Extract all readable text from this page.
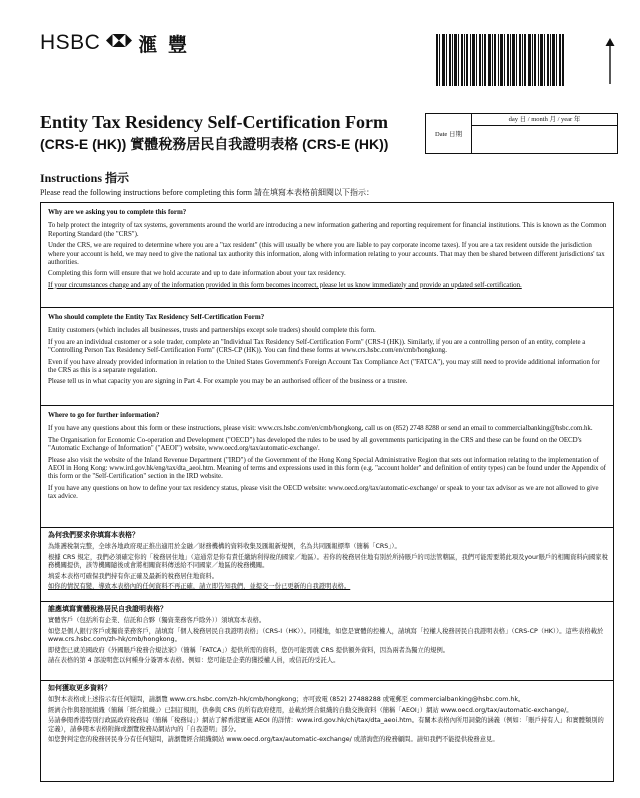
HSBC 滙 豐
Entity Tax Residency Self-Certification Form
(CRS-E (HK)) 實體稅務居民自我證明表格 (CRS-E (HK))
Date 日期
day 日 / month 月 / year 年
Instructions 指示
Please read the following instructions before completing this form 請在填寫本表格前細閱以下指示：
Why are we asking you to complete this form?
To help protect the integrity of tax systems, governments around the world are introducing a new information gathering and reporting requirement for financial institutions. This is known as the Common Reporting Standard (the "CRS").
Under the CRS, we are required to determine where you are a "tax resident" (this will usually be where you are liable to pay corporate income taxes). If you are a tax resident outside the jurisdiction where your account is held, we may need to give the national tax authority this information, along with information relating to your accounts. That may then be shared between different jurisdictions' tax authorities.
Completing this form will ensure that we hold accurate and up to date information about your tax residency.
If your circumstances change and any of the information provided in this form becomes incorrect, please let us know immediately and provide an updated self-certification.
Who should complete the Entity Tax Residency Self-Certification Form?
Entity customers (which includes all businesses, trusts and partnerships except sole traders) should complete this form.
If you are an individual customer or a sole trader, complete an "Individual Tax Residency Self-Certification Form" (CRS-I (HK)). Similarly, if you are a controlling person of an entity, complete a "Controlling Person Tax Residency Self-Certification Form" (CRS-CP (HK)). You can find these forms at www.crs.hsbc.com/en/cmb/hongkong.
Even if you have already provided information in relation to the United States Government's Foreign Account Tax Compliance Act ("FATCA"), you may still need to provide additional information for the CRS as this is a separate regulation.
Please tell us in what capacity you are signing in Part 4. For example you may be an authorised officer of the business or a trustee.
Where to go for further information?
If you have any questions about this form or these instructions, please visit: www.crs.hsbc.com/en/cmb/hongkong, call us on (852) 2748 8288 or send an email to commercialbanking@hsbc.com.hk.
The Organisation for Economic Co-operation and Development ("OECD") has developed the rules to be used by all governments participating in the CRS and these can be found on the OECD's "Automatic Exchange of Information" ("AEOI") website, www.oecd.org/tax/automatic-exchange/.
Please also visit the website of the Inland Revenue Department ("IRD") of the Government of the Hong Kong Special Administrative Region that sets out information relating to the implementation of AEOI in Hong Kong: www.ird.gov.hk/eng/tax/dta_aeoi.htm. Meaning of terms and expressions used in this form (e.g. "account holder" and definition of entity types) can be found under the Appendix of this form or the "Self-Certification" section in the IRD website.
If you have any questions on how to define your tax residency status, please visit the OECD website: www.oecd.org/tax/automatic-exchange/ or speak to your tax advisor as we are not allowed to give tax advice.
為何我們要求你填寫本表格？
為維護稅制完整，全球各地政府現正推出適用於金融／財務機構的資料收集及匯報新規例，名為共同匯報標準（簡稱「CRS」）。
根據 CRS 規定，我們必須確定你的「稅務居住地」（這通常是你有責任繳納利得稅的國家／地區）。若你的稅務居住地有別於所持賬戶的司法管轄區，我們可能需要將此項及your賬戶的相關資料向國家稅務機關提供，該等機關隨後或會將相關資料傳送給不同國家／地區的稅務機關。
填妥本表格可確保我們持有你正確及最新的稅務居住地資料。
如你的情況有變，導致本表格內的任何資料不再正確，請立即告知我們，並提交一份已更新的自我證明表格。
誰應填寫實體稅務居民自我證明表格？
實體客戶（包括所有企業、信託和合夥（獨資業務客戶除外））須填寫本表格。
如您是個人銀行客戶或獨資業務客戶，請填寫「個人稅務居民自我證明表格」（CRS-I（HK））。同樣地，如您是實體的控權人，請填寫「控權人稅務居民自我證明表格」（CRS-CP（HK））。這些表格載於 www.crs.hsbc.com/zh-hk/cmb/hongkong。
即使您已就美國政府《外國賬戶稅務合規法案》（簡稱「FATCA」）提供所需的資料，您仍可能需就 CRS 提供額外資料，因為兩者為獨立的規例。
請在表格的第 4 部說明您以何種身分簽署本表格。例如：您可能是企業的獲授權人員，或信託的受託人。
如何獲取更多資料？
如對本表格或上述指示有任何疑問，請瀏覽 www.crs.hsbc.com/zh-hk/cmb/hongkong；亦可致電 (852) 27488288 或電郵至 commercialbanking@hsbc.com.hk。
經濟合作與發展組織（簡稱「經合組織」）已制訂規則，供參與 CRS 的所有政府使用，並載於經合組織的自動交換資料（簡稱「AEOI」）網站 www.oecd.org/tax/automatic-exchange/。
另請參閱香港特別行政區政府稅務局（簡稱「稅務局」）網站了解香港實施 AEOI 的詳情：www.ird.gov.hk/chi/tax/dta_aeoi.htm。有關本表格內所用詞彙的涵義（例如：「賬戶持有人」和實體類別的定義），請參閱本表格附錄或瀏覽稅務局網站內的「自我證明」部分。
如您對判定您的稅務居民身分有任何疑問，請瀏覽經合組織網站 www.oecd.org/tax/automatic-exchange/ 或諮詢您的稅務顧問。請知我們不能提供稅務意見。
